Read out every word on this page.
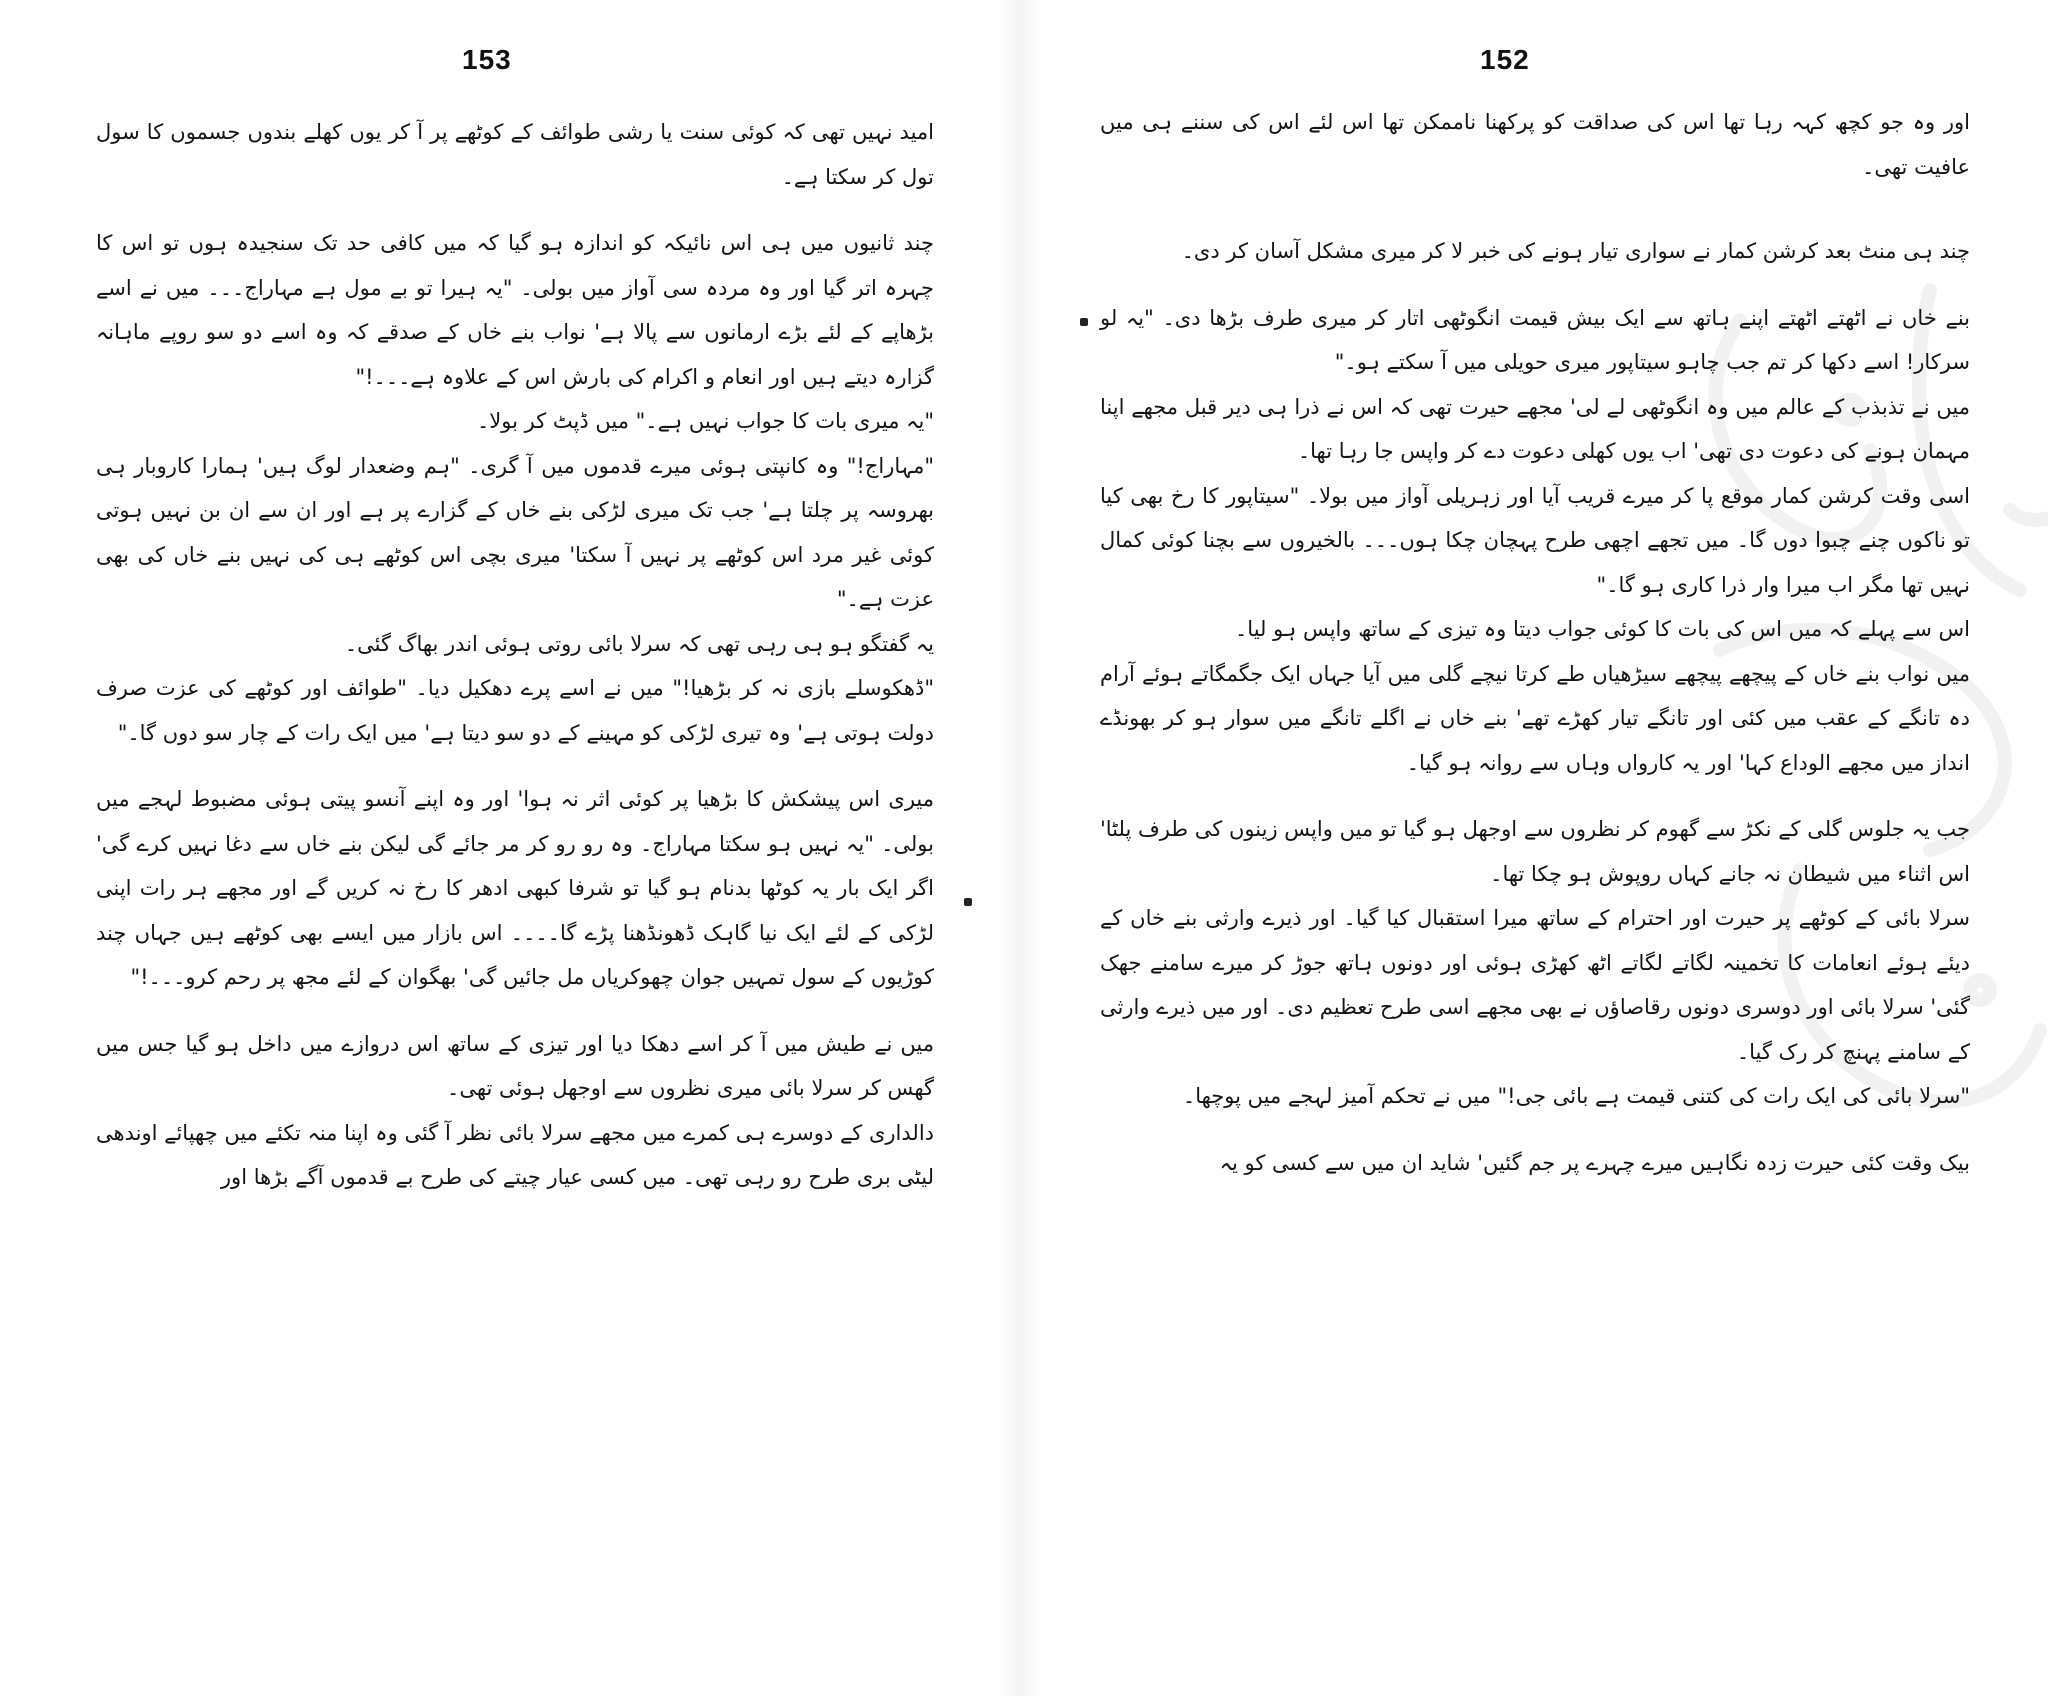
153

امید نہیں تھی کہ کوئی سنت یا رشی طوائف کے کوٹھے پر آ کر یوں کھلے بندوں جسموں کا سول تول کر سکتا ہے۔

چند ثانیوں میں ہی اس نائیکہ کو اندازہ ہو گیا کہ میں کافی حد تک سنجیدہ ہوں تو اس کا چہرہ اتر گیا اور وہ مردہ سی آواز میں بولی۔ "یہ ہیرا تو بے مول ہے مہاراج۔۔۔ میں نے اسے بڑھاپے کے لئے بڑے ارمانوں سے پالا ہے' نواب بنے خاں کے صدقے کہ وہ اسے دو سو روپے ماہانہ گزارہ دیتے ہیں اور انعام و اکرام کی بارش اس کے علاوہ ہے۔۔۔!"

"یہ میری بات کا جواب نہیں ہے۔" میں ڈپٹ کر بولا۔

"مہاراج!" وہ کانپتی ہوئی میرے قدموں میں آ گری۔ "ہم وضعدار لوگ ہیں' ہمارا کاروبار ہی بھروسہ پر چلتا ہے' جب تک میری لڑکی بنے خاں کے گزارے پر ہے اور ان سے ان بن نہیں ہوتی کوئی غیر مرد اس کوٹھے پر نہیں آ سکتا' میری بچی اس کوٹھے ہی کی نہیں بنے خاں کی بھی عزت ہے۔"

یہ گفتگو ہو ہی رہی تھی کہ سرلا بائی روتی ہوئی اندر بھاگ گئی۔

"ڈھکوسلے بازی نہ کر بڑھیا!" میں نے اسے پرے دھکیل دیا۔ "طوائف اور کوٹھے کی عزت صرف دولت ہوتی ہے' وہ تیری لڑکی کو مہینے کے دو سو دیتا ہے' میں ایک رات کے چار سو دوں گا۔"

میری اس پیشکش کا بڑھیا پر کوئی اثر نہ ہوا' اور وہ اپنے آنسو پیتی ہوئی مضبوط لہجے میں بولی۔ "یہ نہیں ہو سکتا مہاراج۔ وہ رو رو کر مر جائے گی لیکن بنے خاں سے دغا نہیں کرے گی' اگر ایک بار یہ کوٹھا بدنام ہو گیا تو شرفا کبھی ادھر کا رخ نہ کریں گے اور مجھے ہر رات اپنی لڑکی کے لئے ایک نیا گاہک ڈھونڈھنا پڑے گا۔۔۔۔ اس بازار میں ایسے بھی کوٹھے ہیں جہاں چند کوڑیوں کے سول تمہیں جوان چھوکریاں مل جائیں گی' بھگوان کے لئے مجھ پر رحم کرو۔۔۔!"

میں نے طیش میں آ کر اسے دھکا دیا اور تیزی کے ساتھ اس دروازے میں داخل ہو گیا جس میں گھس کر سرلا بائی میری نظروں سے اوجھل ہوئی تھی۔

دالداری کے دوسرے ہی کمرے میں مجھے سرلا بائی نظر آ گئی وہ اپنا منہ تکئے میں چھپائے اوندھی لیٹی بری طرح رو رہی تھی۔ میں کسی عیار چیتے کی طرح بے قدموں آگے بڑھا اور

152

اور وہ جو کچھ کہہ رہا تھا اس کی صداقت کو پرکھنا ناممکن تھا اس لئے اس کی سننے ہی میں عافیت تھی۔

چند ہی منٹ بعد کرشن کمار نے سواری تیار ہونے کی خبر لا کر میری مشکل آسان کر دی۔

بنے خاں نے اٹھتے اٹھتے اپنے ہاتھ سے ایک بیش قیمت انگوٹھی اتار کر میری طرف بڑھا دی۔ "یہ لو سرکار! اسے دکھا کر تم جب چاہو سیتاپور میری حویلی میں آ سکتے ہو۔"

میں نے تذبذب کے عالم میں وہ انگوٹھی لے لی' مجھے حیرت تھی کہ اس نے ذرا ہی دیر قبل مجھے اپنا مہمان ہونے کی دعوت دی تھی' اب یوں کھلی دعوت دے کر واپس جا رہا تھا۔

اسی وقت کرشن کمار موقع پا کر میرے قریب آیا اور زہریلی آواز میں بولا۔ "سیتاپور کا رخ بھی کیا تو ناکوں چنے چبوا دوں گا۔ میں تجھے اچھی طرح پہچان چکا ہوں۔۔۔ بالخیروں سے بچنا کوئی کمال نہیں تھا مگر اب میرا وار ذرا کاری ہو گا۔"

اس سے پہلے کہ میں اس کی بات کا کوئی جواب دیتا وہ تیزی کے ساتھ واپس ہو لیا۔

میں نواب بنے خاں کے پیچھے پیچھے سیڑھیاں طے کرتا نیچے گلی میں آیا جہاں ایک جگمگاتے ہوئے آرام دہ تانگے کے عقب میں کئی اور تانگے تیار کھڑے تھے' بنے خاں نے اگلے تانگے میں سوار ہو کر بھونڈے انداز میں مجھے الوداع کہا' اور یہ کارواں وہاں سے روانہ ہو گیا۔

جب یہ جلوس گلی کے نکڑ سے گھوم کر نظروں سے اوجھل ہو گیا تو میں واپس زینوں کی طرف پلٹا' اس اثناء میں شیطان نہ جانے کہاں روپوش ہو چکا تھا۔

سرلا بائی کے کوٹھے پر حیرت اور احترام کے ساتھ میرا استقبال کیا گیا۔ اور ذیرے وارثی بنے خاں کے دیئے ہوئے انعامات کا تخمینہ لگاتے لگاتے اٹھ کھڑی ہوئی اور دونوں ہاتھ جوڑ کر میرے سامنے جھک گئی' سرلا بائی اور دوسری دونوں رقاصاؤں نے بھی مجھے اسی طرح تعظیم دی۔ اور میں ذیرے وارثی کے سامنے پہنچ کر رک گیا۔

"سرلا بائی کی ایک رات کی کتنی قیمت ہے بائی جی!" میں نے تحکم آمیز لہجے میں پوچھا۔

بیک وقت کئی حیرت زدہ نگاہیں میرے چہرے پر جم گئیں' شاید ان میں سے کسی کو یہ
